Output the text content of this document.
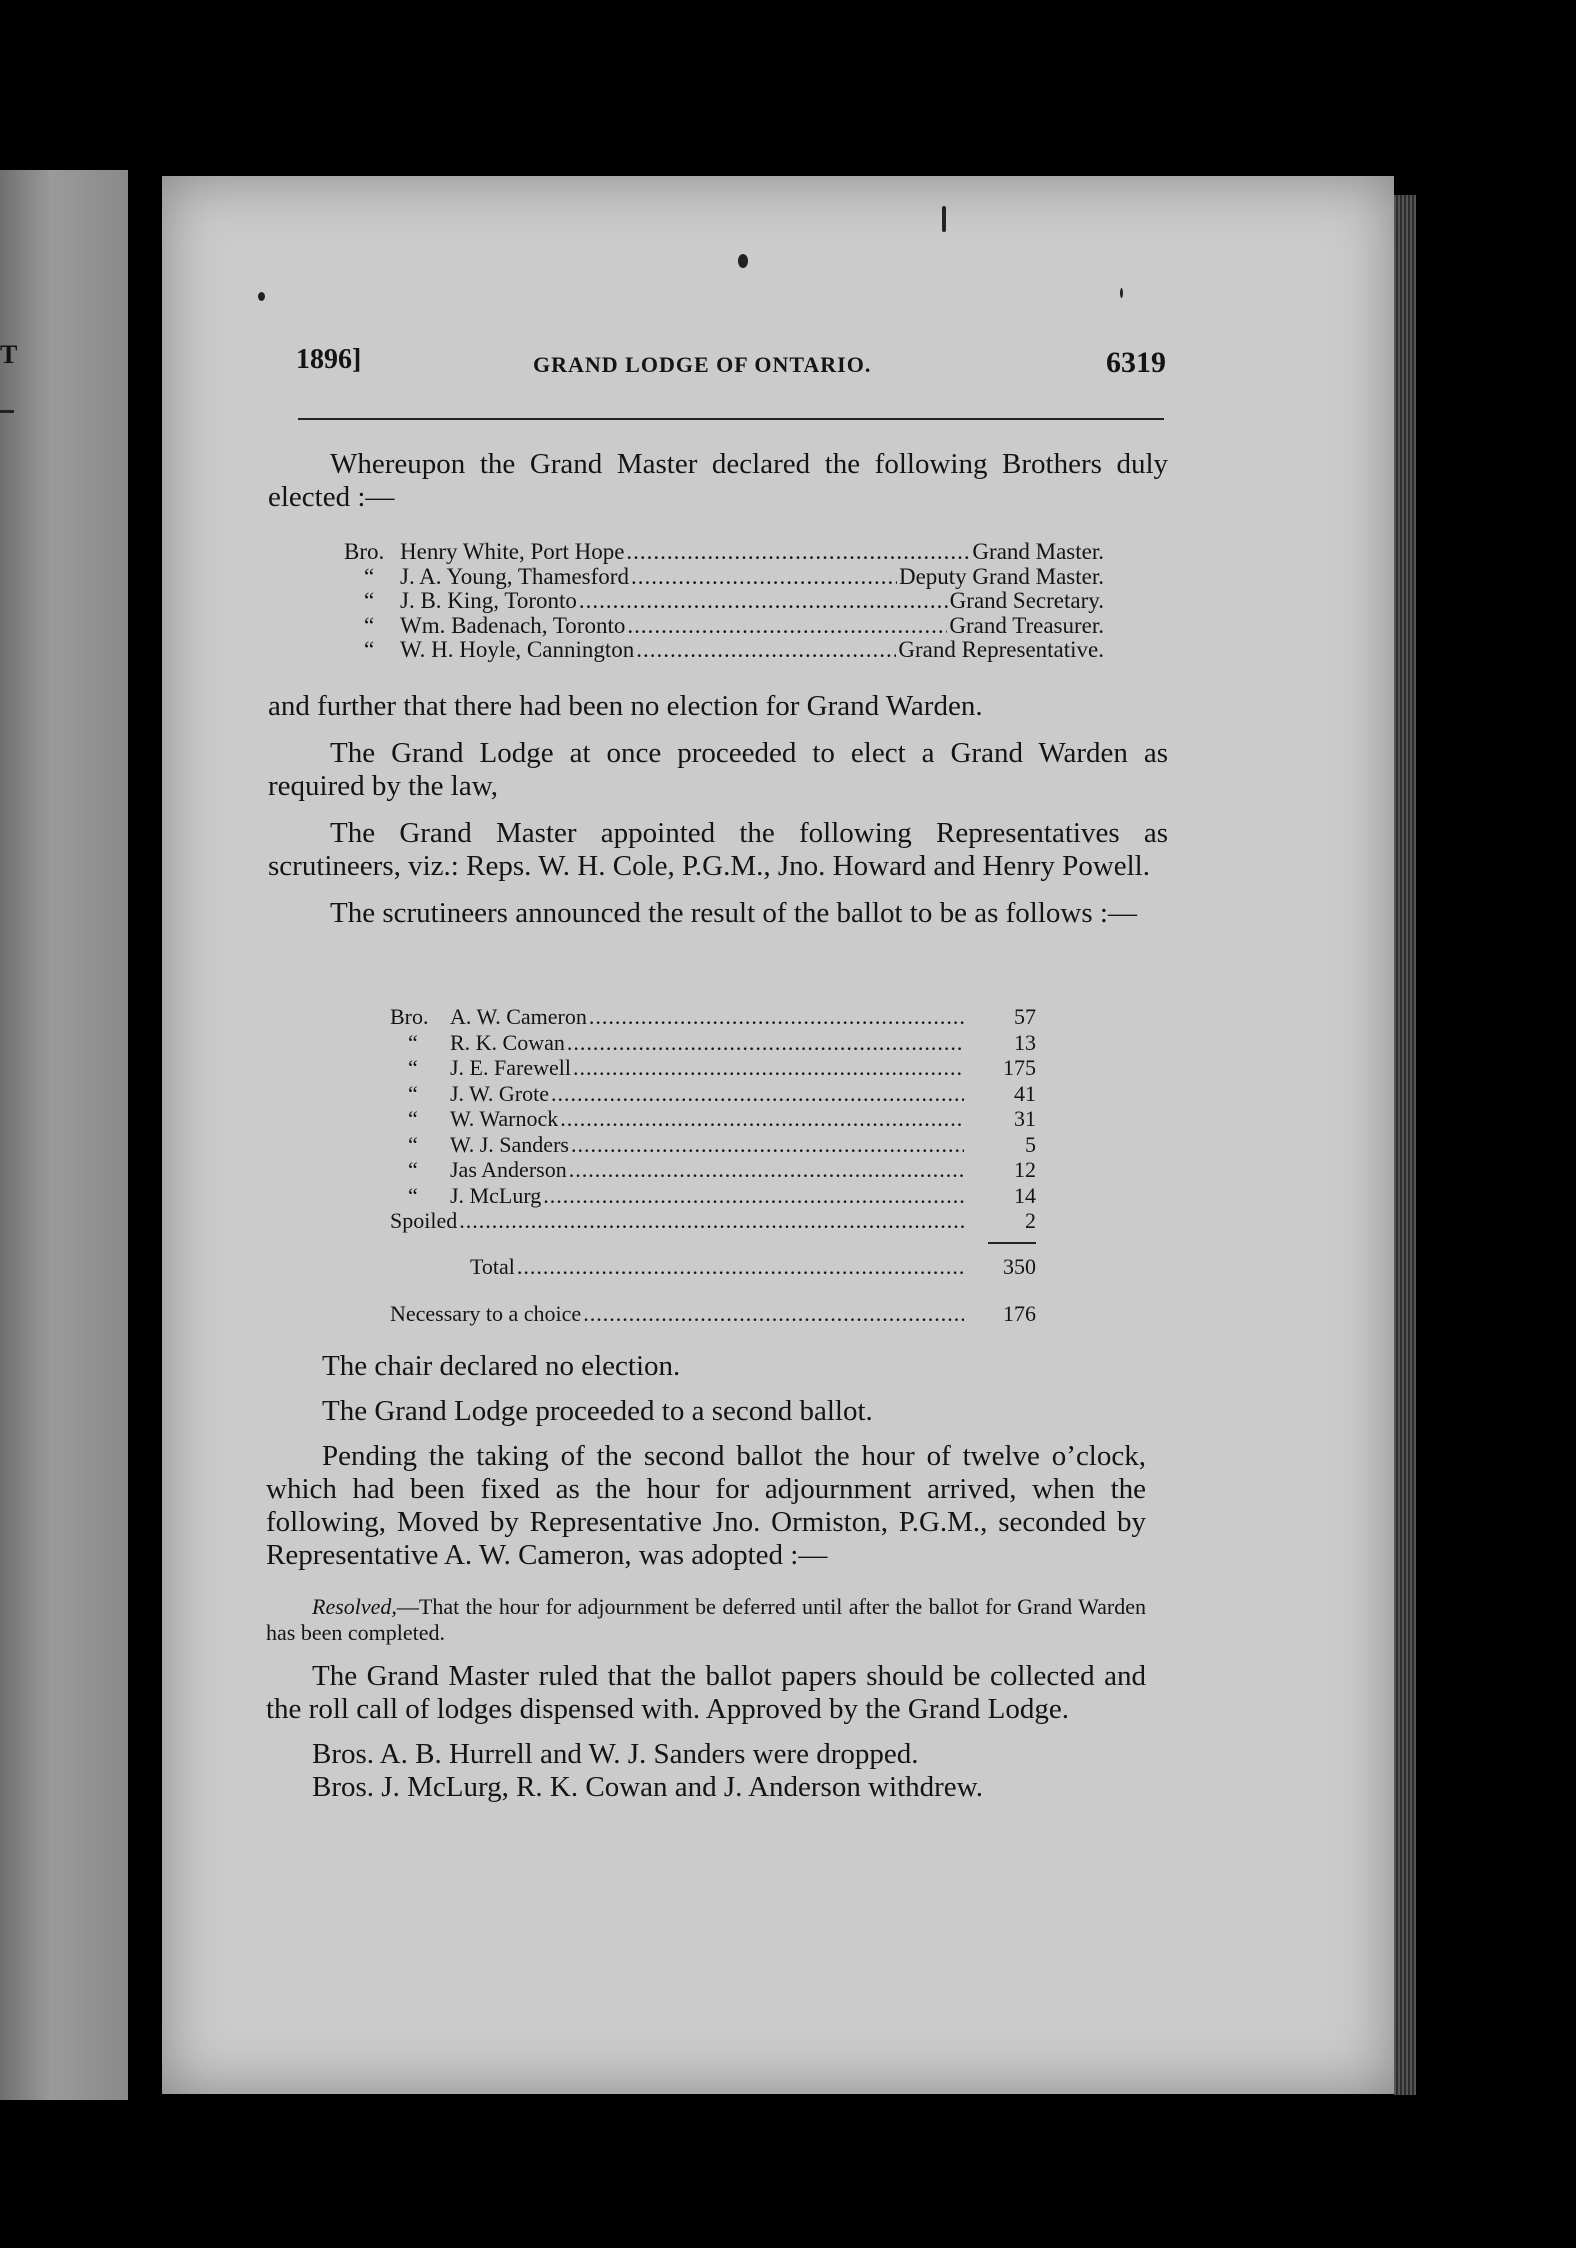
T	1896]	GRAND LODGE OF ONTARIO.	6319

Whereupon the Grand Master declared the following Brothers duly elected :—

Bro. Henry White, Port Hope .....	Grand Master.
“	J. A. Young, Thamesford .....	Deputy Grand Master.
“	J. B. King, Toronto .....	Grand Secretary.
“	Wm. Badenach, Toronto .....	Grand Treasurer.
“	W. H. Hoyle, Cannington .....	Grand Representative.

and further that there had been no election for Grand Warden.

The Grand Lodge at once proceeded to elect a Grand Warden as required by the law,

The Grand Master appointed the following Representatives as scrutineers, viz.: Reps. W. H. Cole, P.G.M., Jno. Howard and Henry Powell.

The scrutineers announced the result of the ballot to be as follows :—

Bro. A. W. Cameron .....	57
“	R. K. Cowan .....	13
“	J. E. Farewell .....	175
“	J. W. Grote .....	41
“	W. Warnock .....	31
“	W. J. Sanders .....	5
“	Jas Anderson .....	12
“	J. McLurg .....	14
Spoiled .....	2
Total .....	350
Necessary to a choice .....	176

The chair declared no election.

The Grand Lodge proceeded to a second ballot.

Pending the taking of the second ballot the hour of twelve o’clock, which had been fixed as the hour for adjournment arrived, when the following, Moved by Representative Jno. Ormiston, P.G.M., seconded by Representative A. W. Cameron, was adopted :—

Resolved,—That the hour for adjournment be deferred until after the ballot for Grand Warden has been completed.

The Grand Master ruled that the ballot papers should be collected and the roll call of lodges dispensed with. Approved by the Grand Lodge.

Bros. A. B. Hurrell and W. J. Sanders were dropped.

Bros. J. McLurg, R. K. Cowan and J. Anderson withdrew.
